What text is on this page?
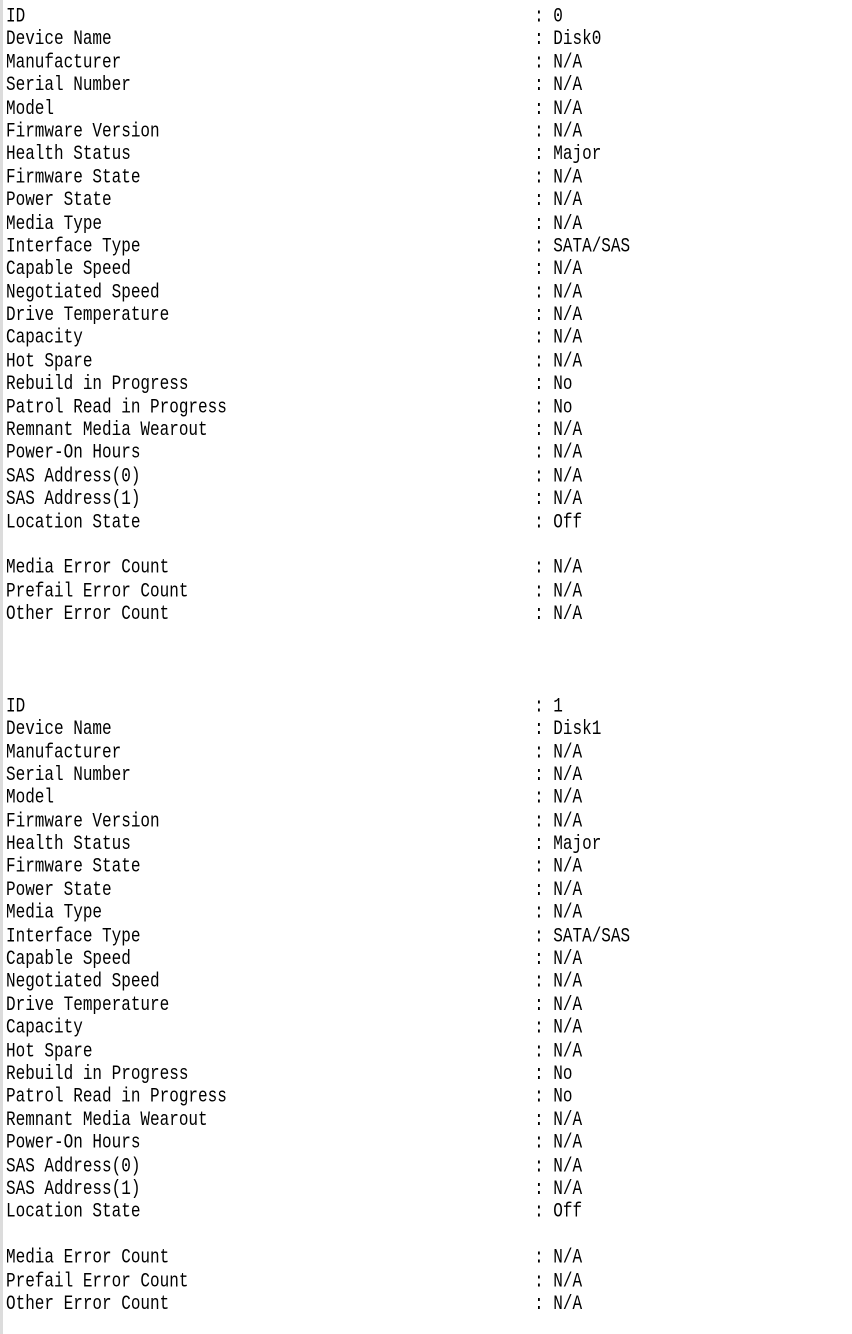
ID	: 0
Device Name	: Disk0
Manufacturer	: N/A
Serial Number	: N/A
Model	: N/A
Firmware Version	: N/A
Health Status	: Major
Firmware State	: N/A
Power State	: N/A
Media Type	: N/A
Interface Type	: SATA/SAS
Capable Speed	: N/A
Negotiated Speed	: N/A
Drive Temperature	: N/A
Capacity	: N/A
Hot Spare	: N/A
Rebuild in Progress	: No
Patrol Read in Progress	: No
Remnant Media Wearout	: N/A
Power-On Hours	: N/A
SAS Address(0)	: N/A
SAS Address(1)	: N/A
Location State	: Off
Media Error Count	: N/A
Prefail Error Count	: N/A
Other Error Count	: N/A
ID	: 1
Device Name	: Disk1
Manufacturer	: N/A
Serial Number	: N/A
Model	: N/A
Firmware Version	: N/A
Health Status	: Major
Firmware State	: N/A
Power State	: N/A
Media Type	: N/A
Interface Type	: SATA/SAS
Capable Speed	: N/A
Negotiated Speed	: N/A
Drive Temperature	: N/A
Capacity	: N/A
Hot Spare	: N/A
Rebuild in Progress	: No
Patrol Read in Progress	: No
Remnant Media Wearout	: N/A
Power-On Hours	: N/A
SAS Address(0)	: N/A
SAS Address(1)	: N/A
Location State	: Off
Media Error Count	: N/A
Prefail Error Count	: N/A
Other Error Count	: N/A
